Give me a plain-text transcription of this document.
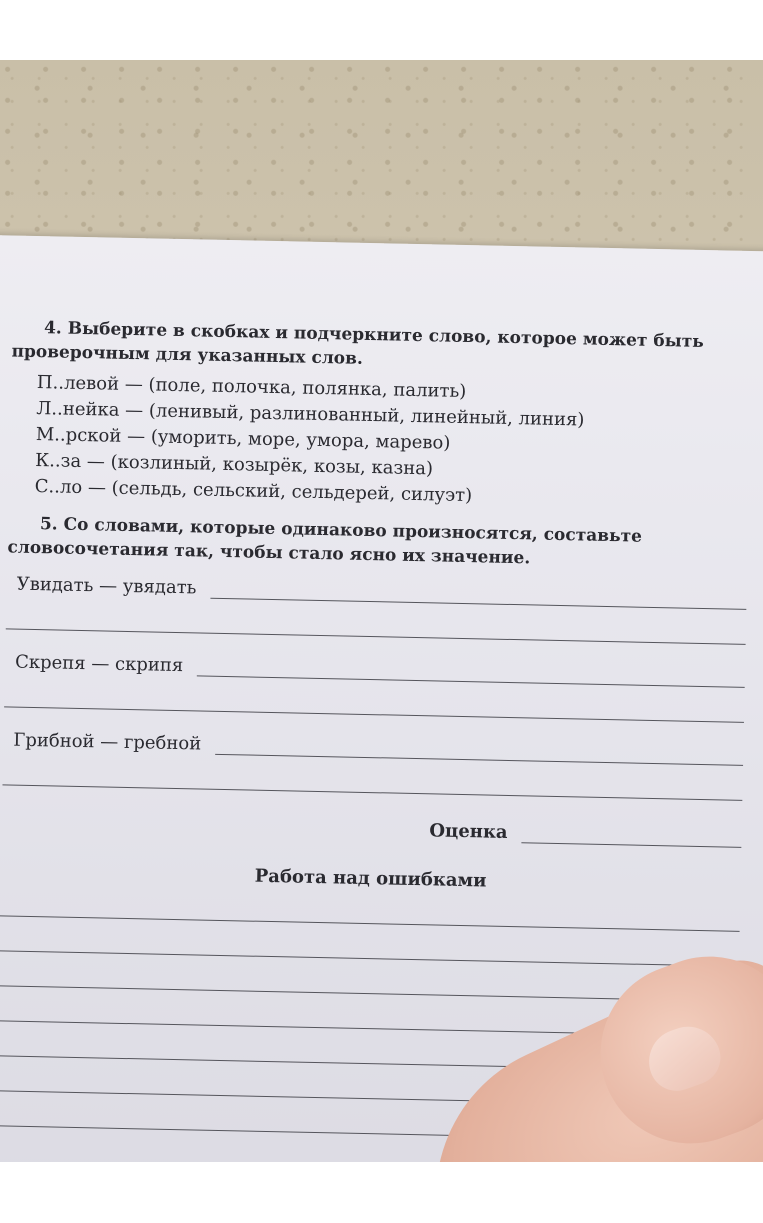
4. Выберите в скобках и подчеркните слово, которое может быть проверочным для указанных слов.

П..левой — (поле, полочка, полянка, палить)
Л..нейка — (ленивый, разлинованный, линейный, линия)
М..рской — (уморить, море, умора, марево)
К..за — (козлиный, козырёк, козы, казна)
С..ло — (сельдь, сельский, сельдерей, силуэт)

5. Со словами, которые одинаково произносятся, составьте словосочетания так, чтобы стало ясно их значение.

Увидать — увядать
Скрепя — скрипя
Грибной — гребной
Оценка
Работа над ошибками
